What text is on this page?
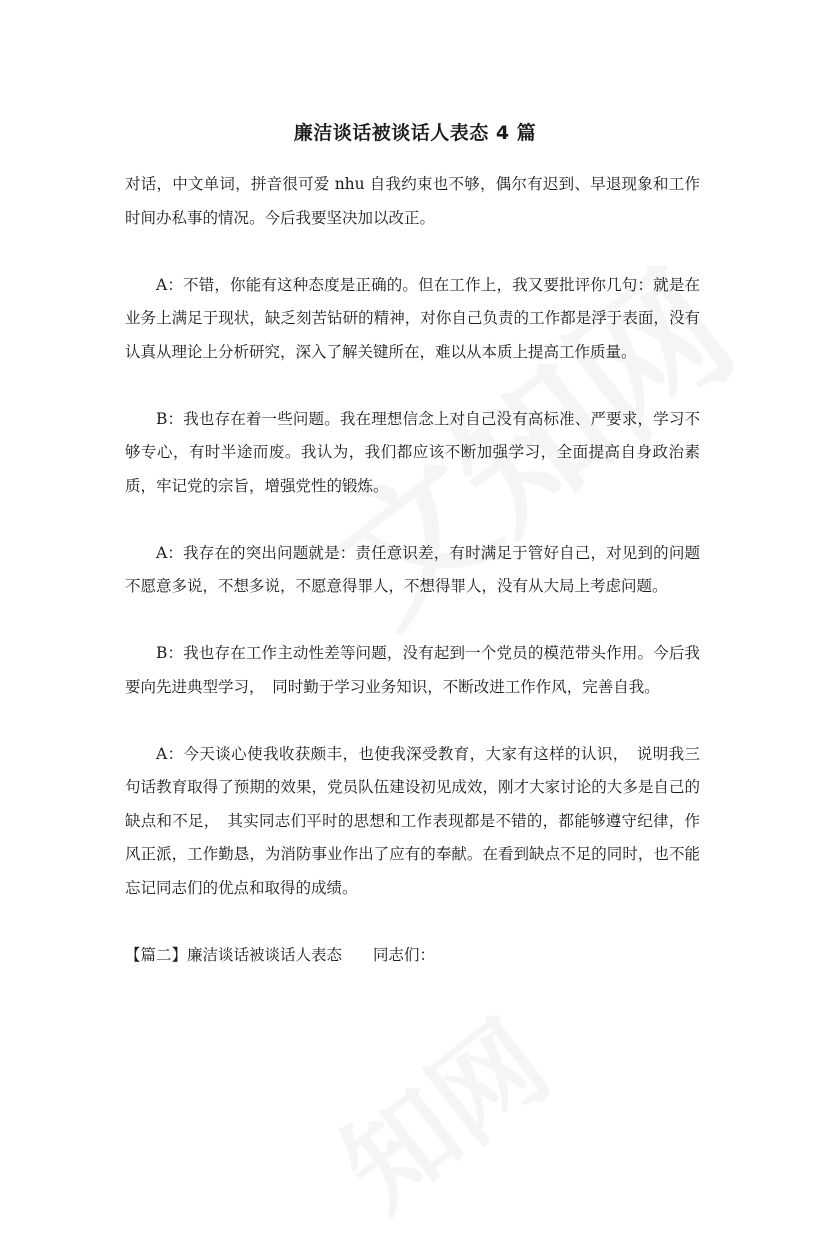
廉洁谈话被谈话人表态 4 篇

对话，中文单词，拼音很可爱 nhu 自我约束也不够，偶尔有迟到、早退现象和工作时间办私事的情况。今后我要坚决加以改正。

A：不错，你能有这种态度是正确的。但在工作上，我又要批评你几句：就是在业务上满足于现状，缺乏刻苦钻研的精神，对你自己负责的工作都是浮于表面，没有认真从理论上分析研究，深入了解关键所在，难以从本质上提高工作质量。

B：我也存在着一些问题。我在理想信念上对自己没有高标准、严要求，学习不够专心，有时半途而废。我认为，我们都应该不断加强学习，全面提高自身政治素质，牢记党的宗旨，增强党性的锻炼。

A：我存在的突出问题就是：责任意识差，有时满足于管好自己，对见到的问题不愿意多说，不想多说，不愿意得罪人，不想得罪人，没有从大局上考虑问题。

B：我也存在工作主动性差等问题，没有起到一个党员的模范带头作用。今后我要向先进典型学习，　同时勤于学习业务知识，不断改进工作作风，完善自我。

A：今天谈心使我收获颇丰，也使我深受教育，大家有这样的认识，　说明我三句话教育取得了预期的效果，党员队伍建设初见成效，刚才大家讨论的大多是自己的缺点和不足，　其实同志们平时的思想和工作表现都是不错的，都能够遵守纪律，作风正派，工作勤恳，为消防事业作出了应有的奉献。在看到缺点不足的同时，也不能忘记同志们的优点和取得的成绩。

【篇二】廉洁谈话被谈话人表态　　同志们：
